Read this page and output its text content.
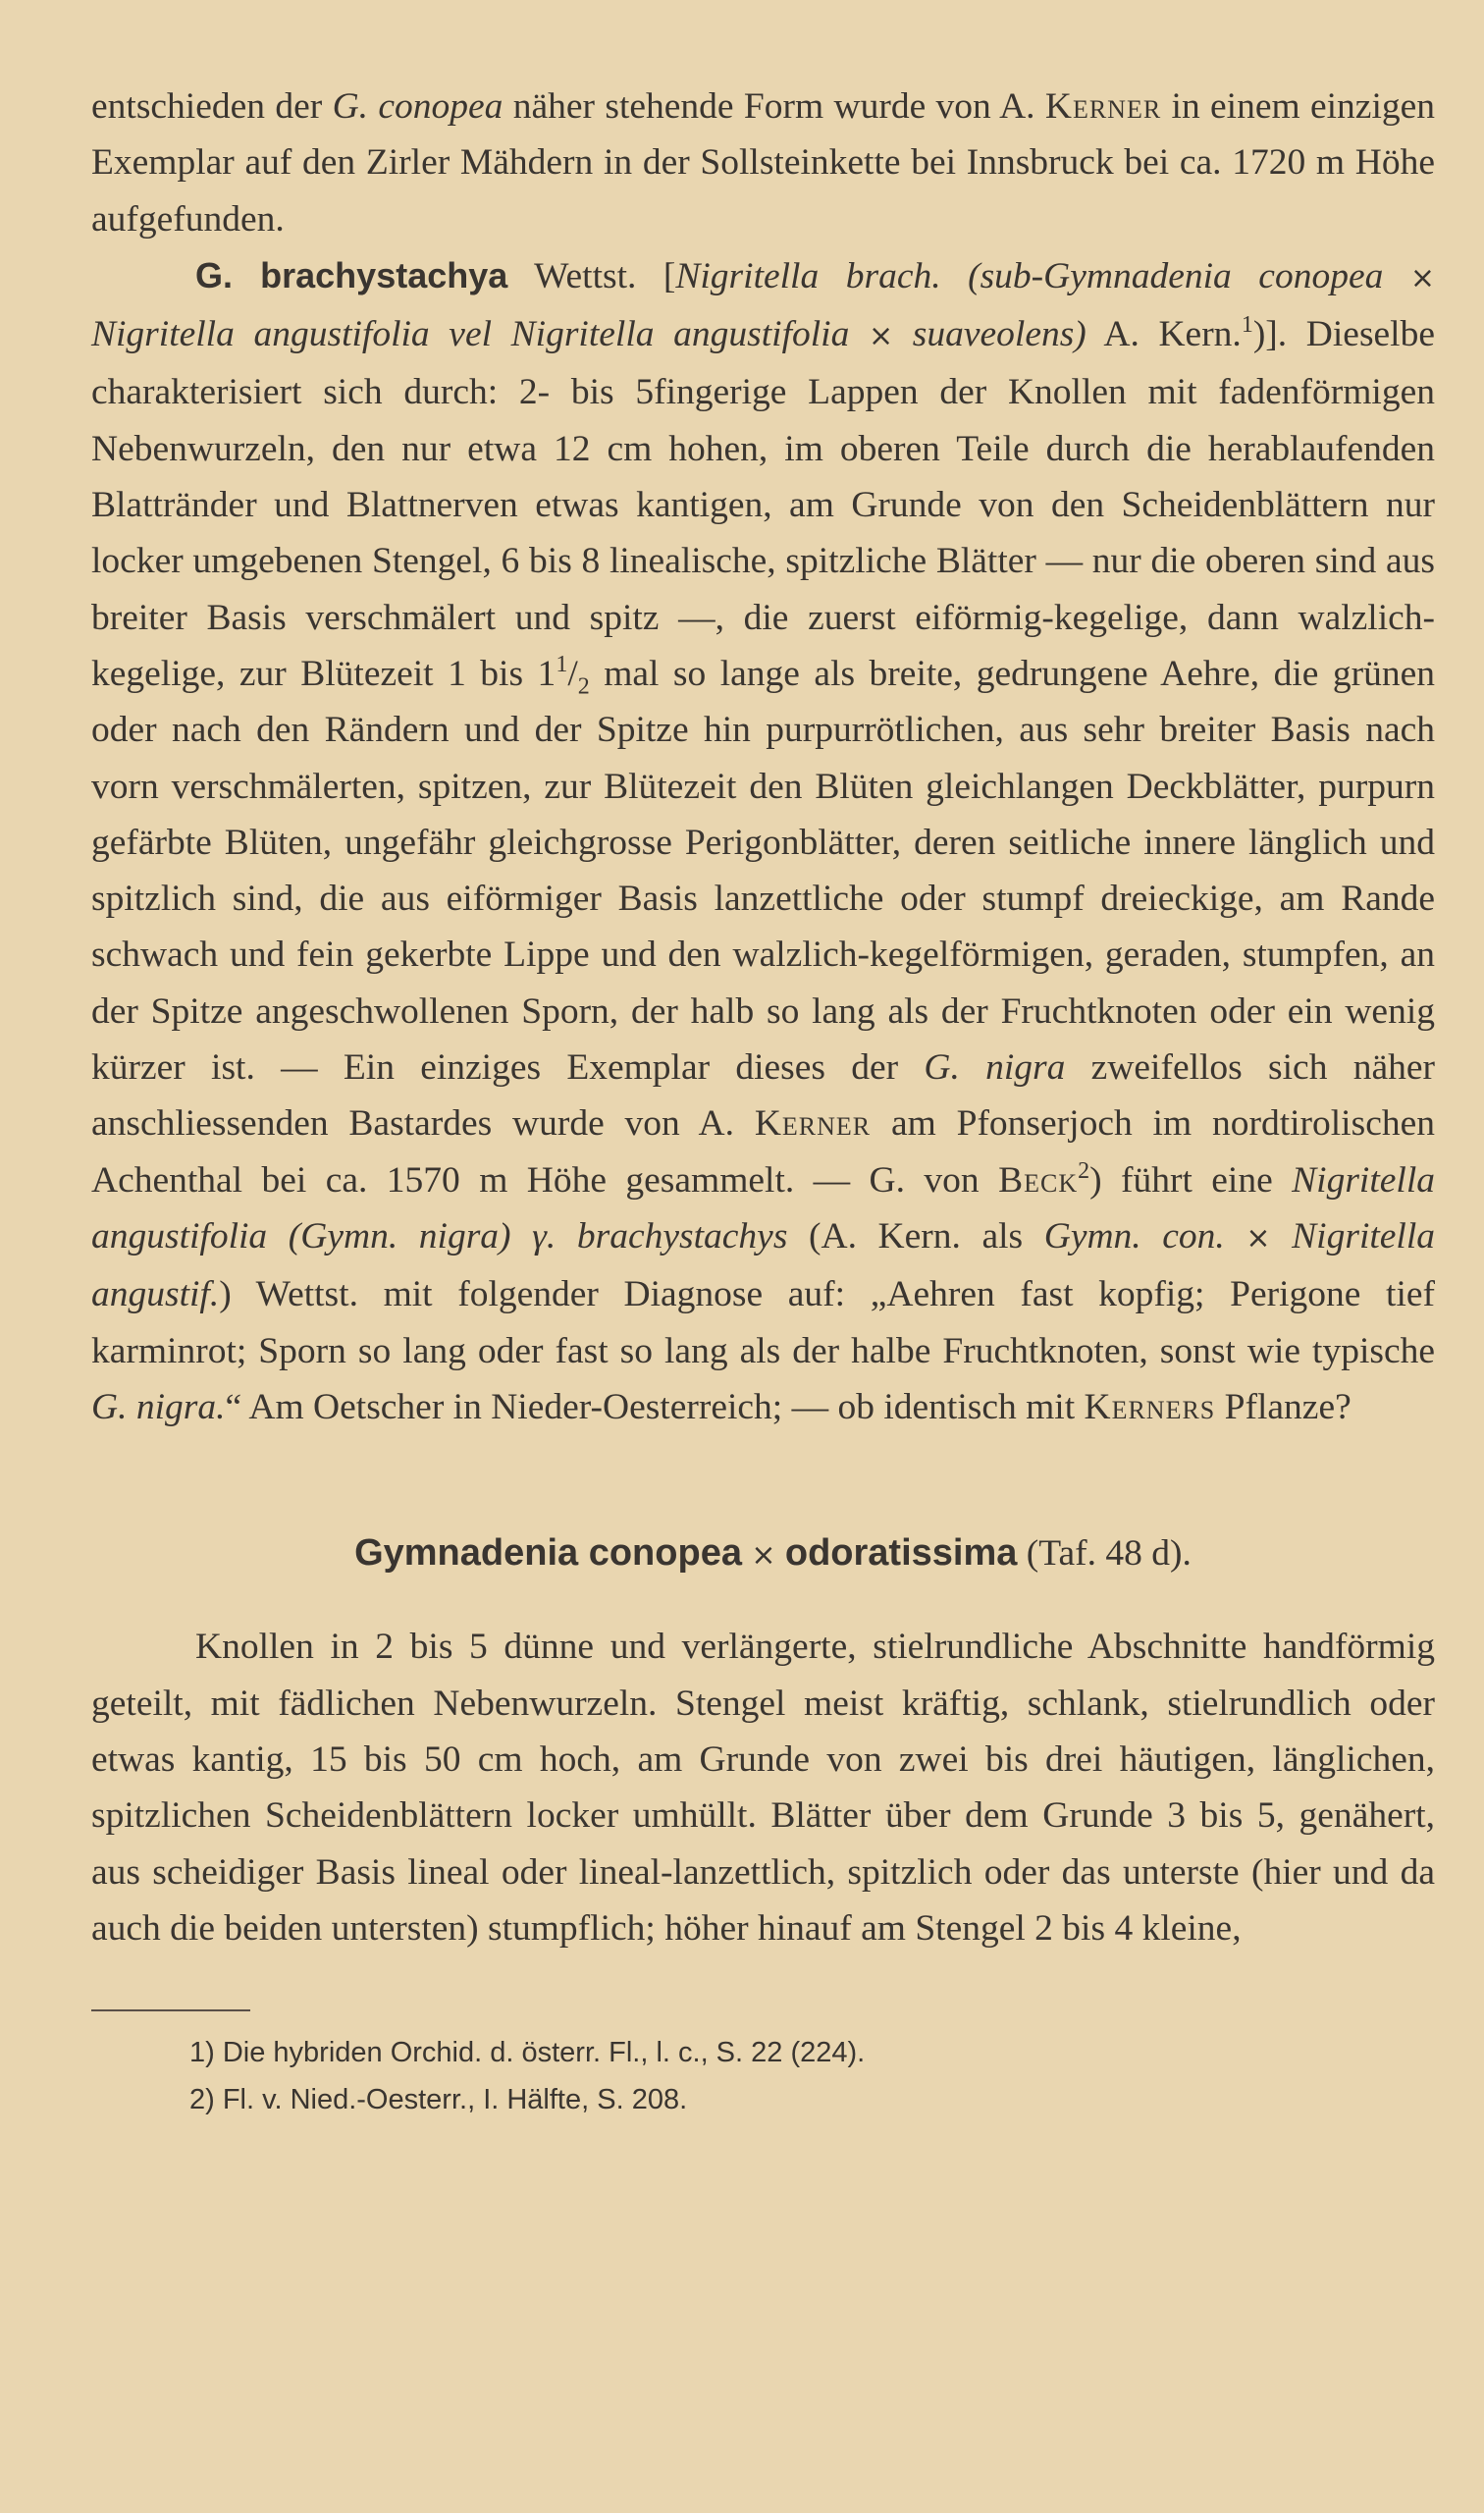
entschieden der G. conopea näher stehende Form wurde von A. Kerner in einem einzigen Exemplar auf den Zirler Mähdern in der Sollsteinkette bei Innsbruck bei ca. 1720 m Höhe aufgefunden.

G. brachystachya Wettst. [Nigritella brach. (sub-Gymnadenia conopea × Nigritella angustifolia vel Nigritella angustifolia × suaveolens) A. Kern.$^1$)]. Dieselbe charakterisiert sich durch: 2- bis 5fingerige Lappen der Knollen mit fadenförmigen Nebenwurzeln, den nur etwa 12 cm hohen, im oberen Teile durch die herablaufenden Blattränder und Blattnerven etwas kantigen, am Grunde von den Scheidenblättern nur locker umgebenen Stengel, 6 bis 8 linealische, spitzliche Blätter — nur die oberen sind aus breiter Basis verschmälert und spitz —, die zuerst eiförmig-kegelige, dann walzlich-kegelige, zur Blütezeit 1 bis $1^1/_2$ mal so lange als breite, gedrungene Aehre, die grünen oder nach den Rändern und der Spitze hin purpurrötlichen, aus sehr breiter Basis nach vorn verschmälerten, spitzen, zur Blütezeit den Blüten gleichlangen Deckblätter, purpurn gefärbte Blüten, ungefähr gleichgrosse Perigonblätter, deren seitliche innere länglich und spitzlich sind, die aus eiförmiger Basis lanzettliche oder stumpf dreieckige, am Rande schwach und fein gekerbte Lippe und den walzlich-kegelförmigen, geraden, stumpfen, an der Spitze angeschwollenen Sporn, der halb so lang als der Fruchtknoten oder ein wenig kürzer ist. — Ein einziges Exemplar dieses der G. nigra zweifellos sich näher anschliessenden Bastardes wurde von A. Kerner am Pfonserjoch im nordtirolischen Achenthal bei ca. 1570 m Höhe gesammelt. — G. von Beck$^2$) führt eine Nigritella angustifolia (Gymn. nigra) γ. brachystachys (A. Kern. als Gymn. con. × Nigritella angustif.) Wettst. mit folgender Diagnose auf: „Aehren fast kopfig; Perigone tief karminrot; Sporn so lang oder fast so lang als der halbe Fruchtknoten, sonst wie typische G. nigra.“ Am Oetscher in Nieder-Oesterreich; — ob identisch mit Kerners Pflanze?

Gymnadenia conopea × odoratissima (Taf. 48 d).

Knollen in 2 bis 5 dünne und verlängerte, stielrundliche Abschnitte handförmig geteilt, mit fädlichen Nebenwurzeln. Stengel meist kräftig, schlank, stielrundlich oder etwas kantig, 15 bis 50 cm hoch, am Grunde von zwei bis drei häutigen, länglichen, spitzlichen Scheidenblättern locker umhüllt. Blätter über dem Grunde 3 bis 5, genähert, aus scheidiger Basis lineal oder lineal-lanzettlich, spitzlich oder das unterste (hier und da auch die beiden untersten) stumpflich; höher hinauf am Stengel 2 bis 4 kleine,

1) Die hybriden Orchid. d. österr. Fl., l. c., S. 22 (224).
2) Fl. v. Nied.-Oesterr., I. Hälfte, S. 208.
